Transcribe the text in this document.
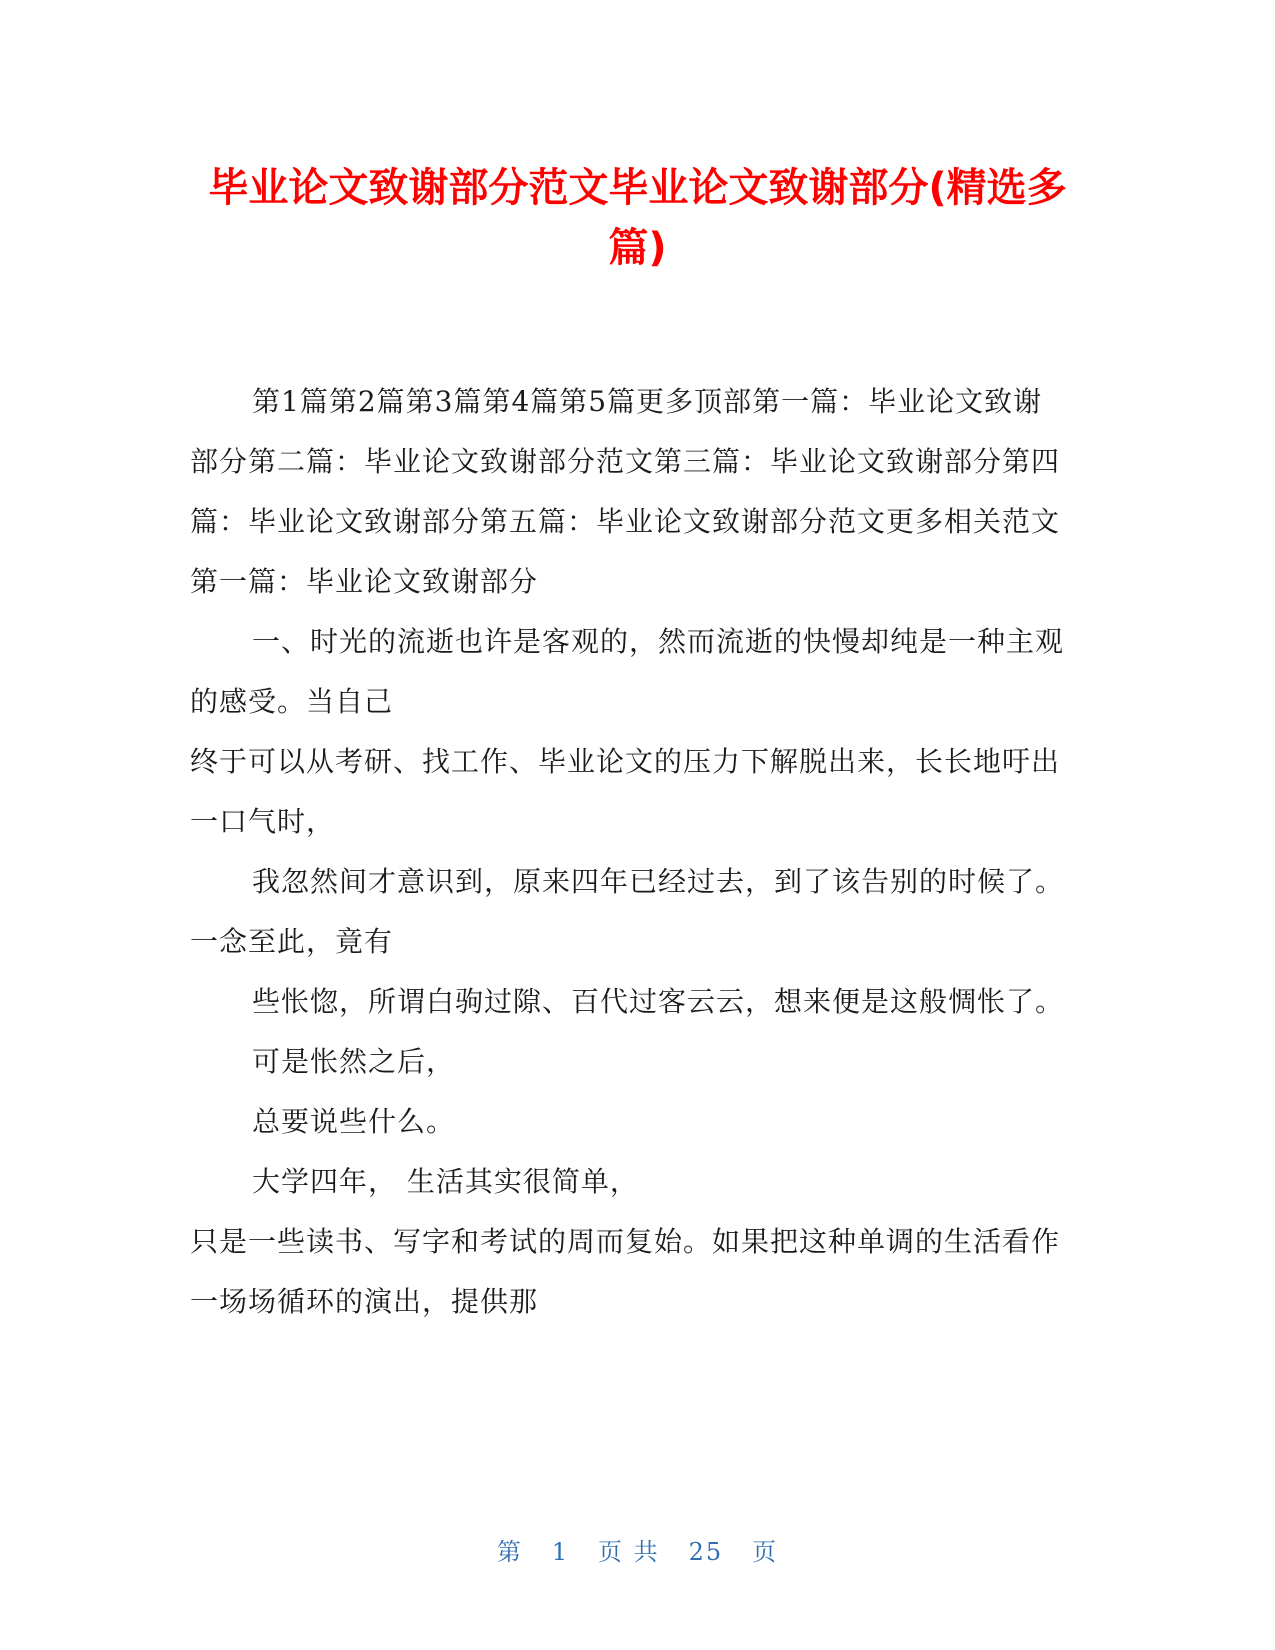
毕业论文致谢部分范文毕业论文致谢部分(精选多篇)

第1篇第2篇第3篇第4篇第5篇更多顶部第一篇：毕业论文致谢部分第二篇：毕业论文致谢部分范文第三篇：毕业论文致谢部分第四篇：毕业论文致谢部分第五篇：毕业论文致谢部分范文更多相关范文第一篇：毕业论文致谢部分

一、时光的流逝也许是客观的，然而流逝的快慢却纯是一种主观的感受。当自己

终于可以从考研、找工作、毕业论文的压力下解脱出来，长长地吁出一口气时，

我忽然间才意识到，原来四年已经过去，到了该告别的时候了。一念至此，竟有

些怅惚，所谓白驹过隙、百代过客云云，想来便是这般惆怅了。

可是怅然之后，

总要说些什么。

大学四年， 生活其实很简单，

只是一些读书、写字和考试的周而复始。如果把这种单调的生活看作一场场循环的演出，提供那

第 1 页 共 25 页
